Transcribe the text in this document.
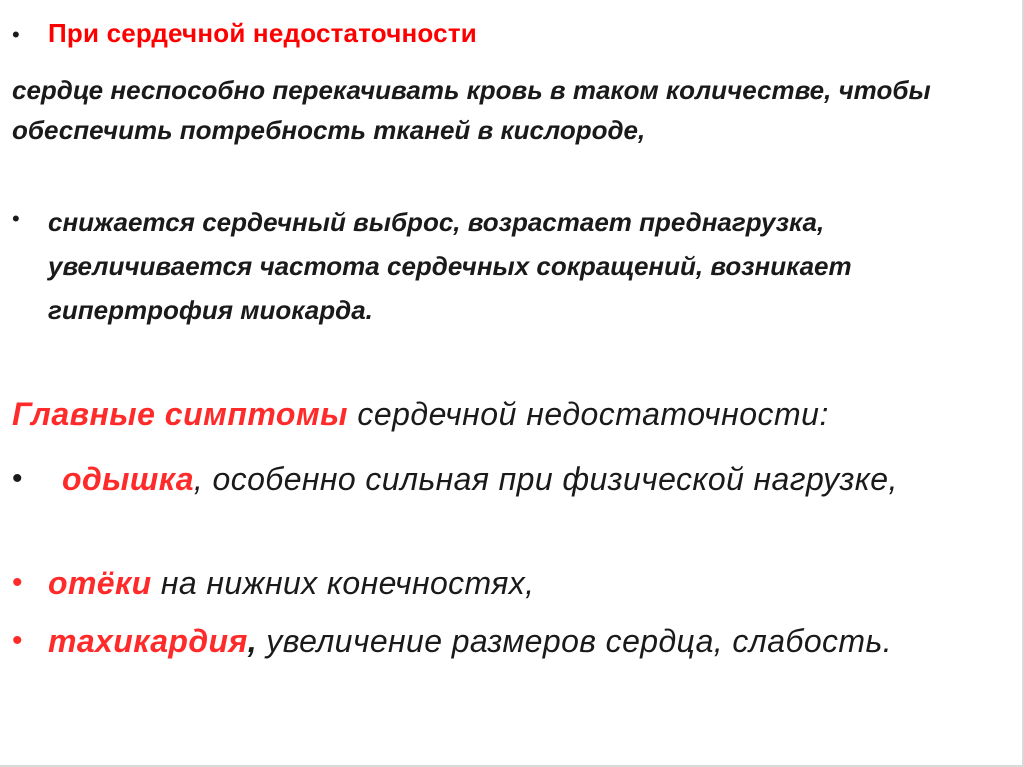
• При сердечной недостаточности
сердце неспособно перекачивать кровь в таком количестве, чтобы обеспечить потребность тканей в кислороде,
• снижается сердечный выброс, возрастает преднагрузка, увеличивается частота сердечных сокращений, возникает гипертрофия миокарда.
Главные симптомы сердечной недостаточности:
•	одышка, особенно сильная при физической нагрузке,
• отёки на нижних конечностях,
• тахикардия, увеличение размеров сердца, слабость.
